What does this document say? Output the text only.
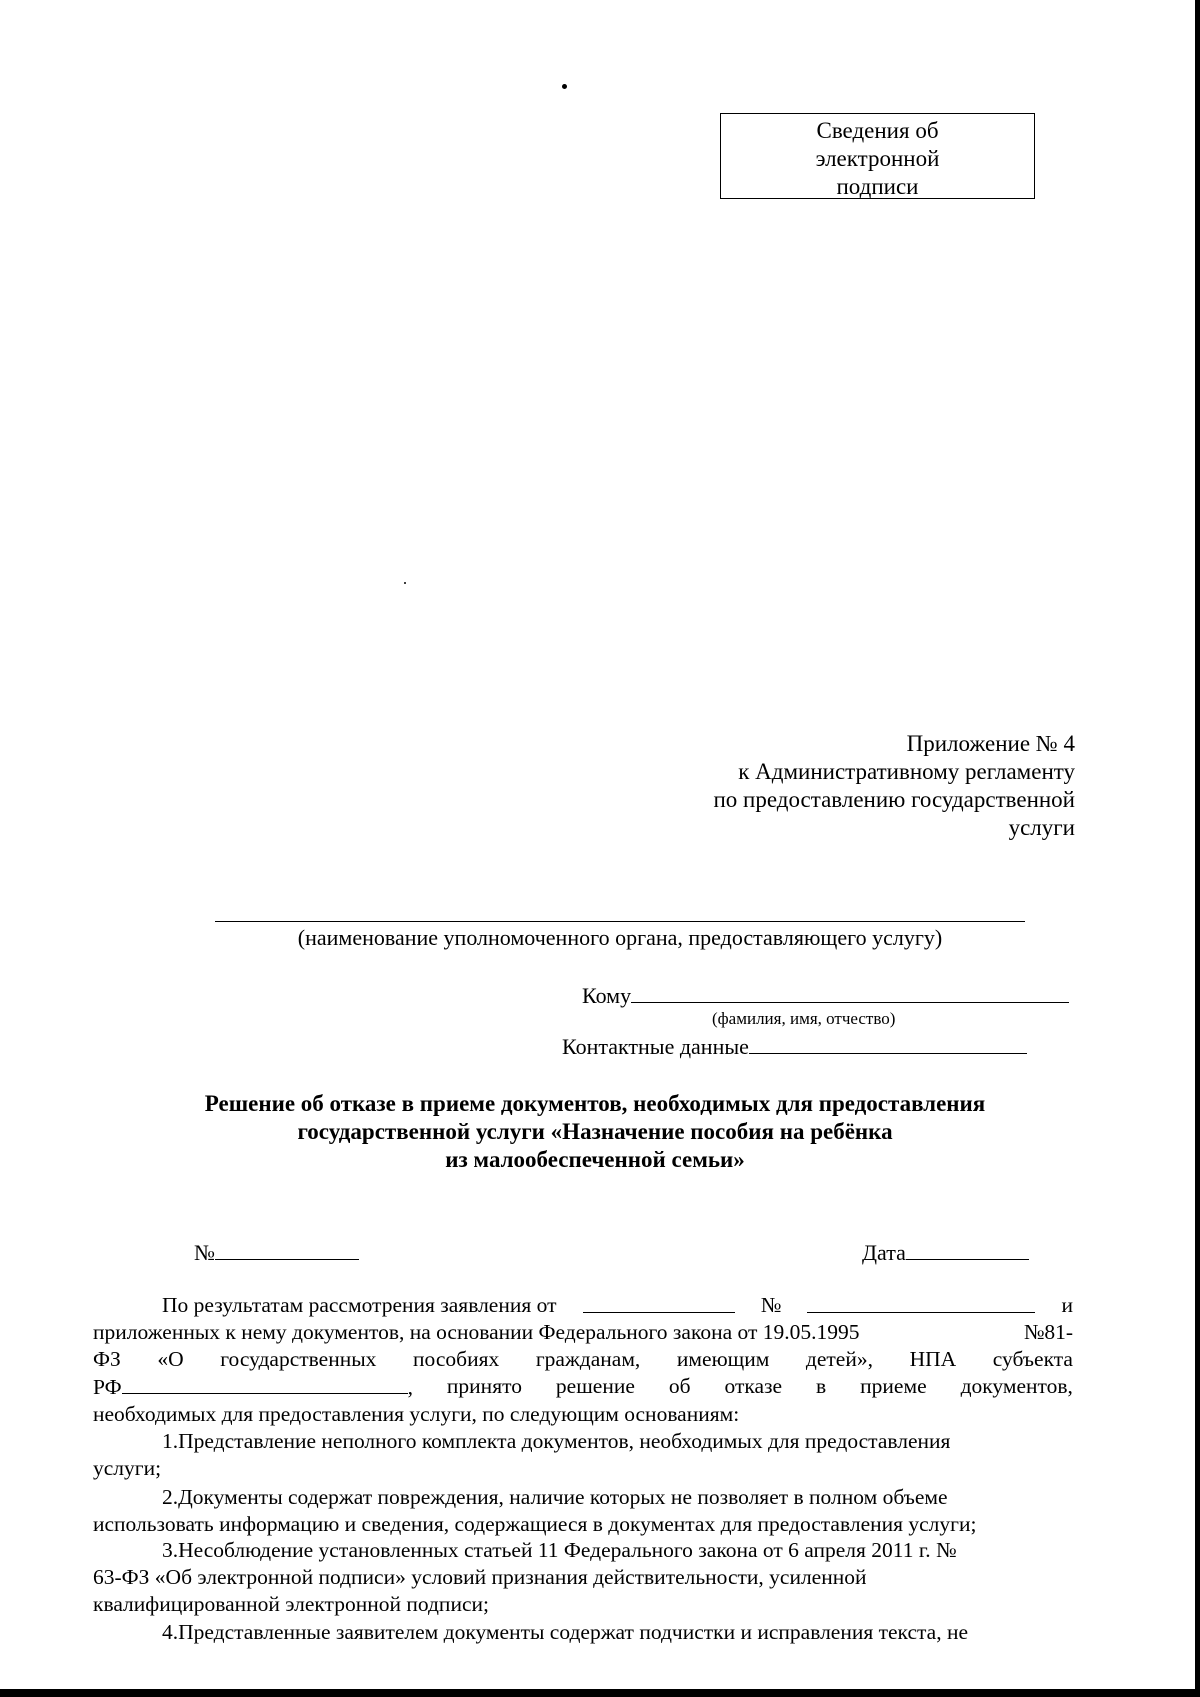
Сведения об
электронной
подписи
Приложение № 4
к Административному регламенту
по предоставлению государственной
услуги
(наименование уполномоченного органа, предоставляющего услугу)
Кому
(фамилия, имя, отчество)
Контактные данные
Решение об отказе в приеме документов, необходимых для предоставления
государственной услуги «Назначение пособия на ребёнка
из малообеспеченной семьи»
№	Дата
По результатам рассмотрения заявления от	№	и
приложенных к нему документов, на основании Федерального закона от 19.05.1995	№81-
ФЗ «О государственных пособиях гражданам, имеющим детей», НПА субъекта
РФ	, принято решение об отказе в приеме документов,
необходимых для предоставления услуги, по следующим основаниям:
1.Представление неполного комплекта документов, необходимых для предоставления
услуги;
2.Документы содержат повреждения, наличие которых не позволяет в полном объеме
использовать информацию и сведения, содержащиеся в документах для предоставления услуги;
3.Несоблюдение установленных статьей 11 Федерального закона от 6 апреля 2011 г. №
63-ФЗ «Об электронной подписи» условий признания действительности, усиленной
квалифицированной электронной подписи;
4.Представленные заявителем документы содержат подчистки и исправления текста, не
